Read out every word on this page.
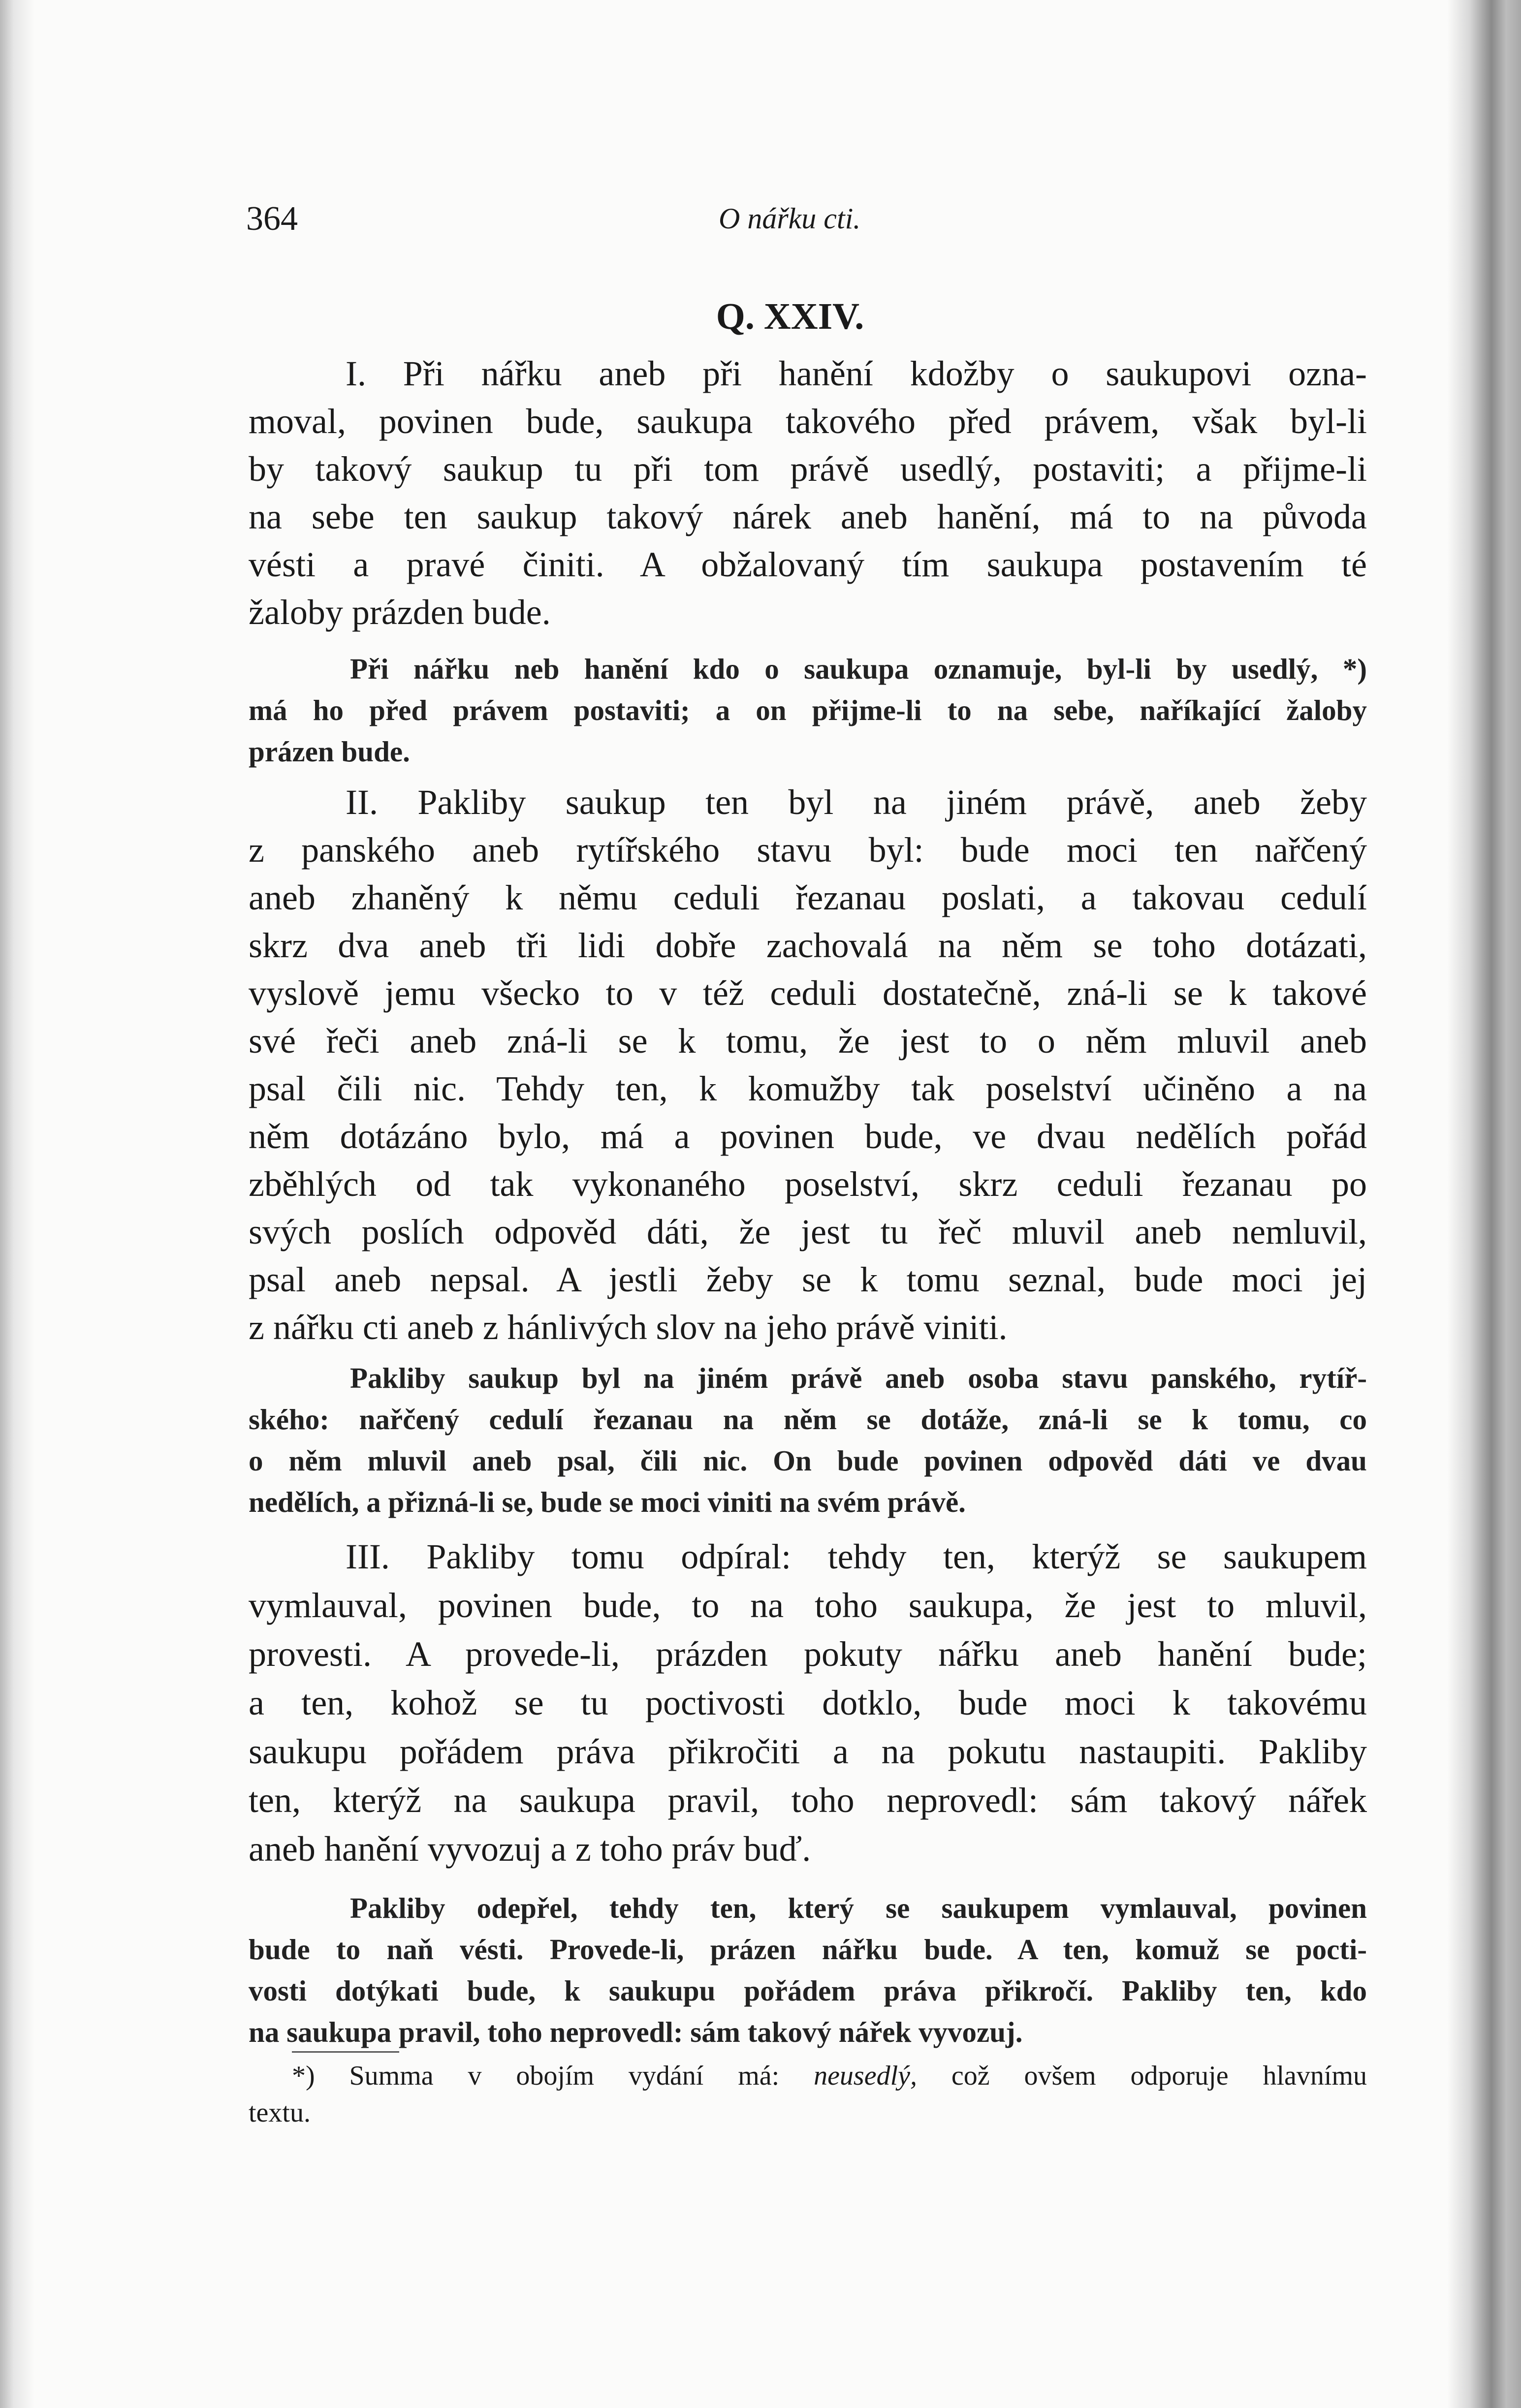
364	O nářku cti.
Q. XXIV.
I. Při nářku aneb při hanění kdožby o saukupovi ozna-
moval, povinen bude, saukupa takového před právem, však byl-li
by takový saukup tu při tom právě usedlý, postaviti; a přijme-li
na sebe ten saukup takový nárek aneb hanění, má to na původa
vésti a pravé činiti. A obžalovaný tím saukupa postavením té
žaloby prázden bude.
Při nářku neb hanění kdo o saukupa oznamuje, byl-li by usedlý, *)
má ho před právem postaviti; a on přijme-li to na sebe, naříkající žaloby
prázen bude.
II. Pakliby saukup ten byl na jiném právě, aneb žeby
z panského aneb rytířského stavu byl: bude moci ten nařčený
aneb zhaněný k němu ceduli řezanau poslati, a takovau cedulí
skrz dva aneb tři lidi dobře zachovalá na něm se toho dotázati,
vyslově jemu všecko to v též ceduli dostatečně, zná-li se k takové
své řeči aneb zná-li se k tomu, že jest to o něm mluvil aneb
psal čili nic. Tehdy ten, k komužby tak poselství učiněno a na
něm dotázáno bylo, má a povinen bude, ve dvau nedělích pořád
zběhlých od tak vykonaného poselství, skrz ceduli řezanau po
svých poslích odpověd dáti, že jest tu řeč mluvil aneb nemluvil,
psal aneb nepsal. A jestli žeby se k tomu seznal, bude moci jej
z nářku cti aneb z hánlivých slov na jeho právě viniti.
Pakliby saukup byl na jiném právě aneb osoba stavu panského, rytíř-
ského: nařčený cedulí řezanau na něm se dotáže, zná-li se k tomu, co
o něm mluvil aneb psal, čili nic. On bude povinen odpověd dáti ve dvau
nedělích, a přizná-li se, bude se moci viniti na svém právě.
III. Pakliby tomu odpíral: tehdy ten, kterýž se saukupem
vymlauval, povinen bude, to na toho saukupa, že jest to mluvil,
provesti. A provede-li, prázden pokuty nářku aneb hanění bude;
a ten, kohož se tu poctivosti dotklo, bude moci k takovému
saukupu pořádem práva přikročiti a na pokutu nastaupiti. Pakliby
ten, kterýž na saukupa pravil, toho neprovedl: sám takový nářek
aneb hanění vyvozuj a z toho práv buď.
Pakliby odepřel, tehdy ten, který se saukupem vymlauval, povinen
bude to naň vésti. Provede-li, prázen nářku bude. A ten, komuž se pocti-
vosti dotýkati bude, k saukupu pořádem práva přikročí. Pakliby ten, kdo
na saukupa pravil, toho neprovedl: sám takový nářek vyvozuj.
*) Summa v obojím vydání má: neusedlý, což ovšem odporuje hlavnímu
textu.
